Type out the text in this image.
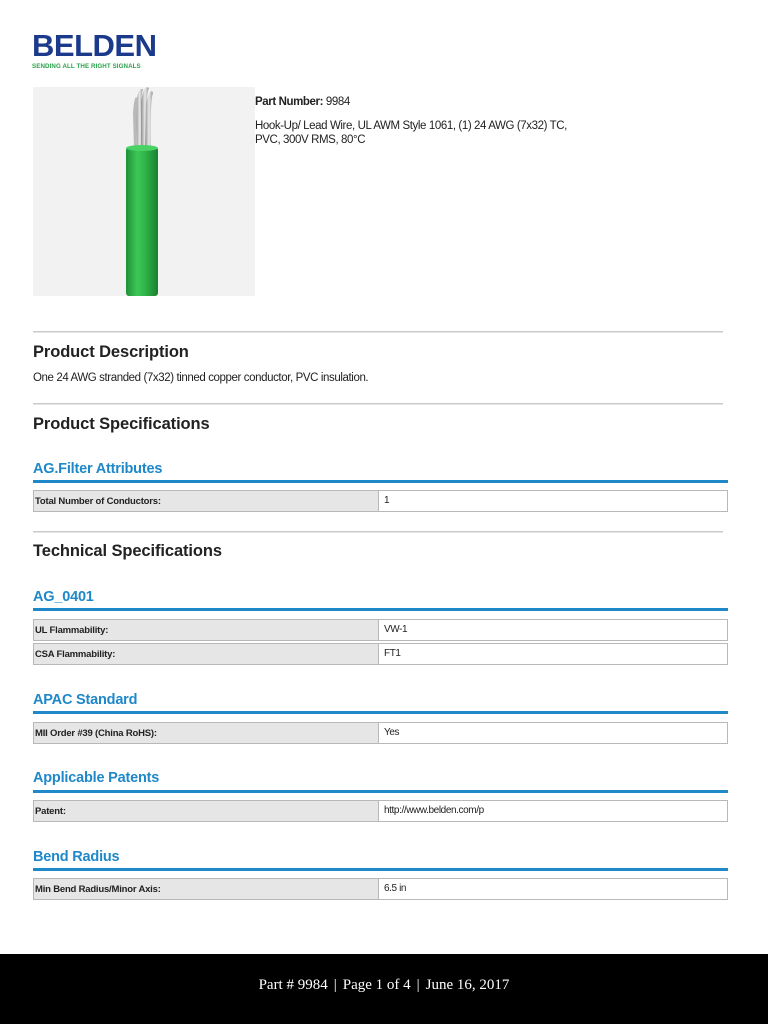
BELDEN
SENDING ALL THE RIGHT SIGNALS
Part Number: 9984
Hook-Up/ Lead Wire, UL AWM Style 1061, (1) 24 AWG (7x32) TC, PVC, 300V RMS, 80°C
Product Description

One 24 AWG stranded (7x32) tinned copper conductor, PVC insulation.

Product Specifications
AG.Filter Attributes
Total Number of Conductors:	1
Technical Specifications
AG_0401
UL Flammability:	VW-1
CSA Flammability:	FT1
APAC Standard
MII Order #39 (China RoHS):	Yes
Applicable Patents
Patent:	http://www.belden.com/p
Bend Radius
Min Bend Radius/Minor Axis:	6.5 in
Part # 9984 | Page 1 of 4 | June 16, 2017
